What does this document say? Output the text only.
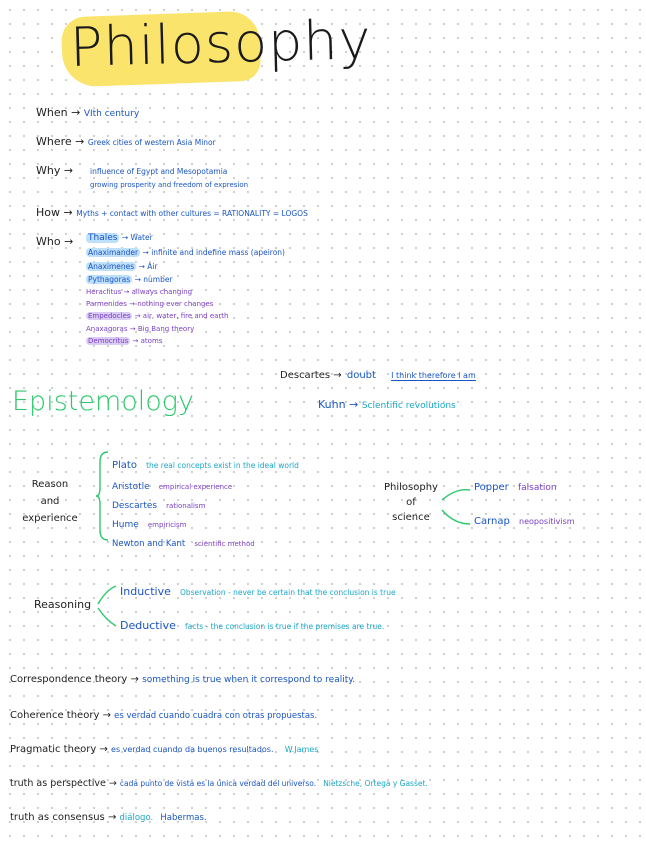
Philosophy
When → VIth century
Where → Greek cities of western Asia Minor
Why → influence of Egypt and Mesopotamia
growing prosperity and freedom of expresion
How → Myths + contact with other cultures = RATIONALITY = LOGOS
Who → Thales → Water
Anaximander → infinite and indefine mass (apeiron)
Anaximenes → Air
Pythagoras → number
Heraclitus → allways changing
Parmenides → nothing ever changes
Empedocles → air, water, fire and earth
Anaxagoras → Big Bang theory
Democritus → atoms
Descartes → doubt I think therefore I am
Kuhn → Scientific revolutions
Epistemology
Reason
and
experience
Plato the real concepts exist in the ideal world
Aristotle empirical experience
Descartes rationalism
Hume empiricism
Newton and Kant scientific method
Philosophy
of
science
Popper falsation
Carnap neopositivism
Reasoning
Inductive Observation - never be certain that the conclusion is true
Deductive facts - the conclusion is true if the premises are true.
Correspondence theory → something is true when it correspond to reality.
Coherence theory → es verdad cuando cuadra con otras propuestas.
Pragmatic theory → es verdad cuando da buenos resultados. W.James
truth as perspective → cada punto de vista es la única verdad del universo. Nietzsche, Ortega y Gasset.
truth as consensus → diálogo. Habermas.
